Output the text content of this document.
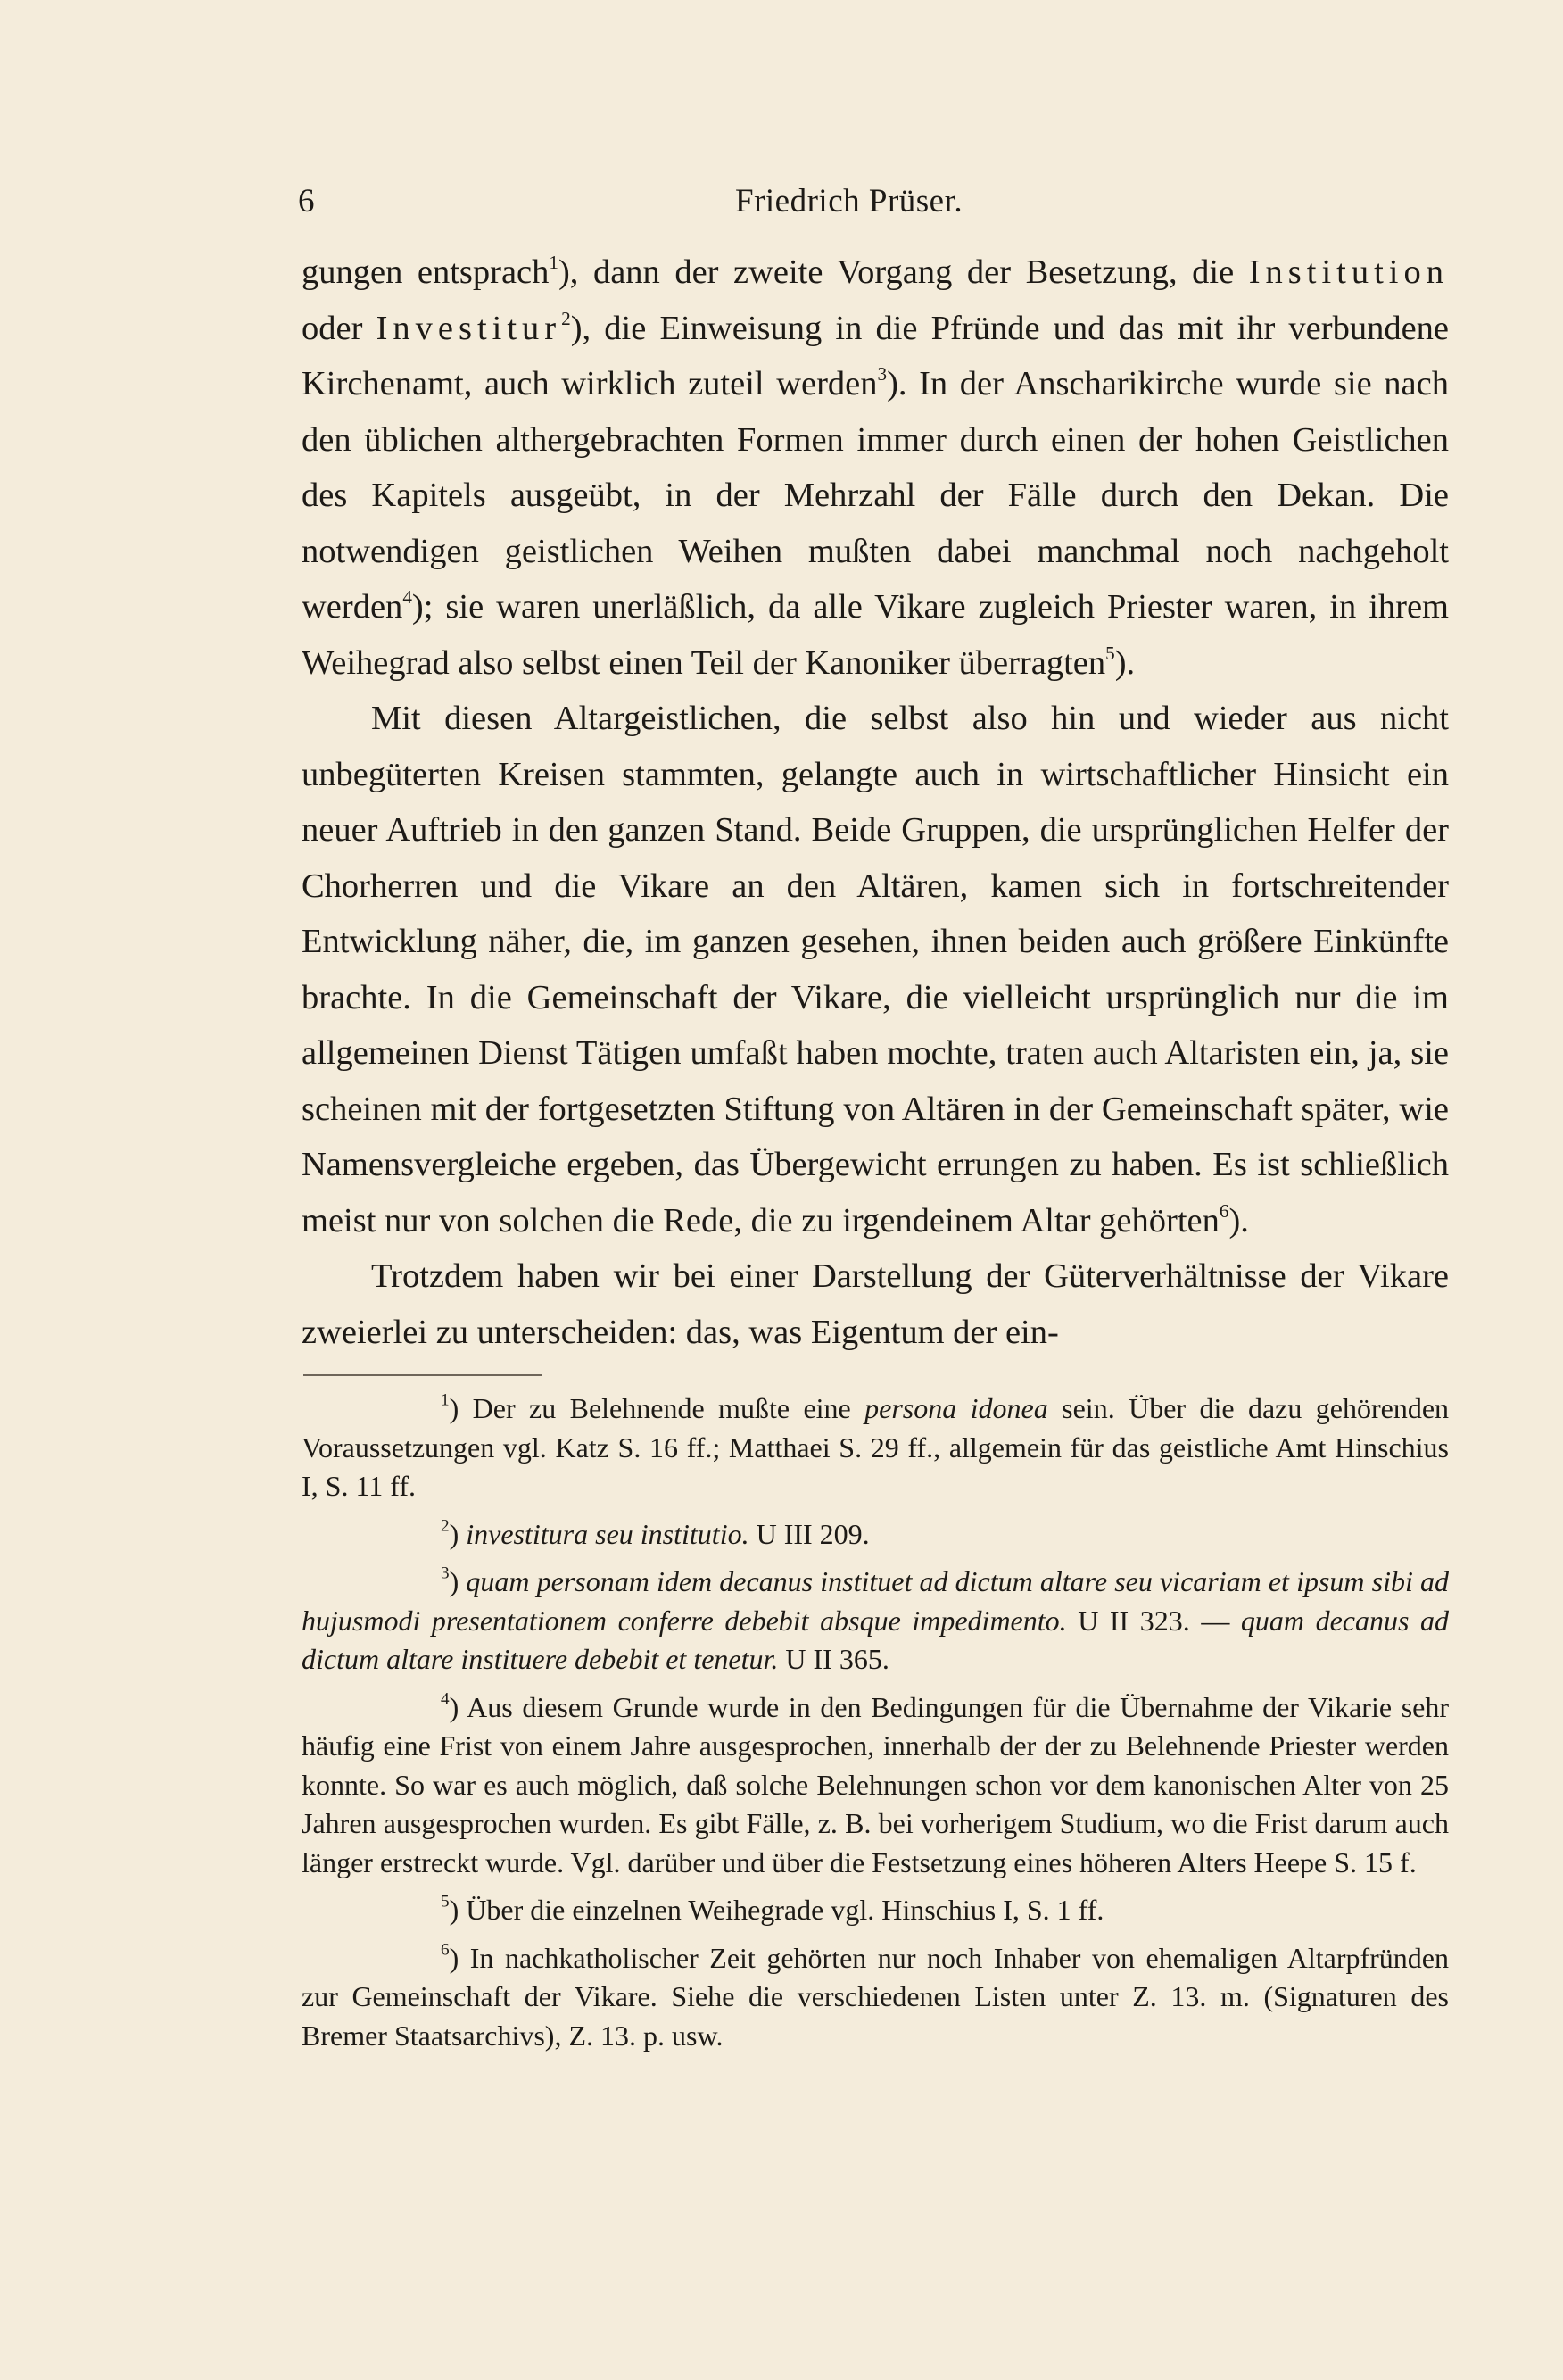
6	Friedrich Prüser.

gungen entsprach$^1$), dann der zweite Vorgang der Besetzung, die Institution oder Investitur$^2$), die Einweisung in die Pfründe und das mit ihr verbundene Kirchenamt, auch wirklich zuteil werden$^3$). In der Anscharikirche wurde sie nach den üblichen althergebrachten Formen immer durch einen der hohen Geistlichen des Kapitels ausgeübt, in der Mehrzahl der Fälle durch den Dekan. Die notwendigen geistlichen Weihen mußten dabei manchmal noch nachgeholt werden$^4$); sie waren unerläßlich, da alle Vikare zugleich Priester waren, in ihrem Weihegrad also selbst einen Teil der Kanoniker überragten$^5$).

Mit diesen Altargeistlichen, die selbst also hin und wieder aus nicht unbegüterten Kreisen stammten, gelangte auch in wirtschaftlicher Hinsicht ein neuer Auftrieb in den ganzen Stand. Beide Gruppen, die ursprünglichen Helfer der Chorherren und die Vikare an den Altären, kamen sich in fortschreitender Entwicklung näher, die, im ganzen gesehen, ihnen beiden auch größere Einkünfte brachte. In die Gemeinschaft der Vikare, die vielleicht ursprünglich nur die im allgemeinen Dienst Tätigen umfaßt haben mochte, traten auch Altaristen ein, ja, sie scheinen mit der fortgesetzten Stiftung von Altären in der Gemeinschaft später, wie Namensvergleiche ergeben, das Übergewicht errungen zu haben. Es ist schließlich meist nur von solchen die Rede, die zu irgendeinem Altar gehörten$^6$).

Trotzdem haben wir bei einer Darstellung der Güterverhältnisse der Vikare zweierlei zu unterscheiden: das, was Eigentum der ein-

$^1$) Der zu Belehnende mußte eine persona idonea sein. Über die dazu gehörenden Voraussetzungen vgl. Katz S. 16 ff.; Matthaei S. 29 ff., allgemein für das geistliche Amt Hinschius I, S. 11 ff.

$^2$) investitura seu institutio. U III 209.

$^3$) quam personam idem decanus instituet ad dictum altare seu vicariam et ipsum sibi ad hujusmodi presentationem conferre debebit absque impedimento. U II 323. — quam decanus ad dictum altare instituere debebit et tenetur. U II 365.

$^4$) Aus diesem Grunde wurde in den Bedingungen für die Übernahme der Vikarie sehr häufig eine Frist von einem Jahre ausgesprochen, innerhalb der der zu Belehnende Priester werden konnte. So war es auch möglich, daß solche Belehnungen schon vor dem kanonischen Alter von 25 Jahren ausgesprochen wurden. Es gibt Fälle, z. B. bei vorherigem Studium, wo die Frist darum auch länger erstreckt wurde. Vgl. darüber und über die Festsetzung eines höheren Alters Heepe S. 15 f.

$^5$) Über die einzelnen Weihegrade vgl. Hinschius I, S. 1 ff.

$^6$) In nachkatholischer Zeit gehörten nur noch Inhaber von ehemaligen Altarpfründen zur Gemeinschaft der Vikare. Siehe die verschiedenen Listen unter Z. 13. m. (Signaturen des Bremer Staatsarchivs), Z. 13. p. usw.
